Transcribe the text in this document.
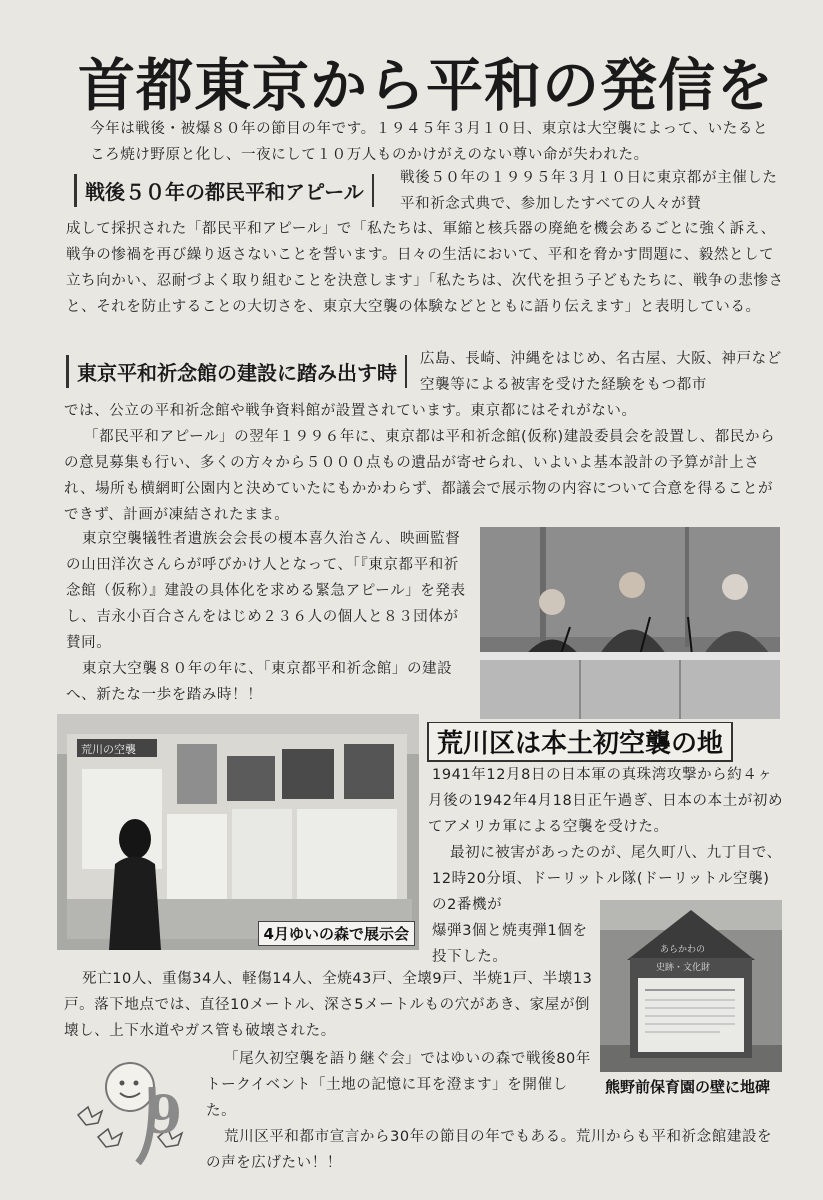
首都東京から平和の発信を
今年は戦後・被爆８０年の節目の年です。１９４５年３月１０日、東京は大空襲によって、いたるところ焼け野原と化し、一夜にして１０万人ものかけがえのない尊い命が失われた。
戦後５０年の都民平和アピール
戦後５０年の１９９５年３月１０日に東京都が主催した平和祈念式典で、参加したすべての人々が賛
成して採択された「都民平和アピール」で「私たちは、軍縮と核兵器の廃絶を機会あるごとに強く訴え、戦争の惨禍を再び繰り返さないことを誓います。日々の生活において、平和を脅かす問題に、毅然として立ち向かい、忍耐づよく取り組むことを決意します」「私たちは、次代を担う子どもたちに、戦争の悲惨さと、それを防止することの大切さを、東京大空襲の体験などとともに語り伝えます」と表明している。
東京平和祈念館の建設に踏み出す時
広島、長崎、沖縄をはじめ、名古屋、大阪、神戸など空襲等による被害を受けた経験をもつ都市
では、公立の平和祈念館や戦争資料館が設置されています。東京都にはそれがない。
「都民平和アピール」の翌年１９９６年に、東京都は平和祈念館(仮称)建設委員会を設置し、都民からの意見募集も行い、多くの方々から５０００点もの遺品が寄せられ、いよいよ基本設計の予算が計上され、場所も横網町公園内と決めていたにもかかわらず、都議会で展示物の内容について合意を得ることができず、計画が凍結されたまま。
東京空襲犠牲者遺族会会長の榎本喜久治さん、映画監督の山田洋次さんらが呼びかけ人となって、「『東京都平和祈念館（仮称）』建設の具体化を求める緊急アピール」を発表し、吉永小百合さんをはじめ２３６人の個人と８３団体が賛同。
東京大空襲８０年の年に、「東京都平和祈念館」の建設へ、新たな一歩を踏み時！！
荒川の空襲
4月ゆいの森で展示会
荒川区は本土初空襲の地
1941年12月8日の日本軍の真珠湾攻撃から約４ヶ月後の1942年4月18日正午過ぎ、日本の本土が初めてアメリカ軍による空襲を受けた。
最初に被害があったのが、尾久町八、九丁目で、12時20分頃、ドーリットル隊(ドーリットル空襲)の2番機が
爆弾3個と焼夷弾1個を投下した。	あらかわの
史跡・文化財
熊野前保育園の壁に地碑
死亡10人、重傷34人、軽傷14人、全焼43戸、全壊9戸、半焼1戸、半壊13戸。落下地点では、直径10メートル、深さ5メートルもの穴があき、家屋が倒壊し、上下水道やガス管も破壊された。
「尾久初空襲を語り継ぐ会」ではゆいの森で戦後80年トークイベント「土地の記憶に耳を澄ます」を開催した。
荒川区平和都市宣言から30年の節目の年でもある。荒川からも平和祈念館建設をの声を広げたい！！
9
